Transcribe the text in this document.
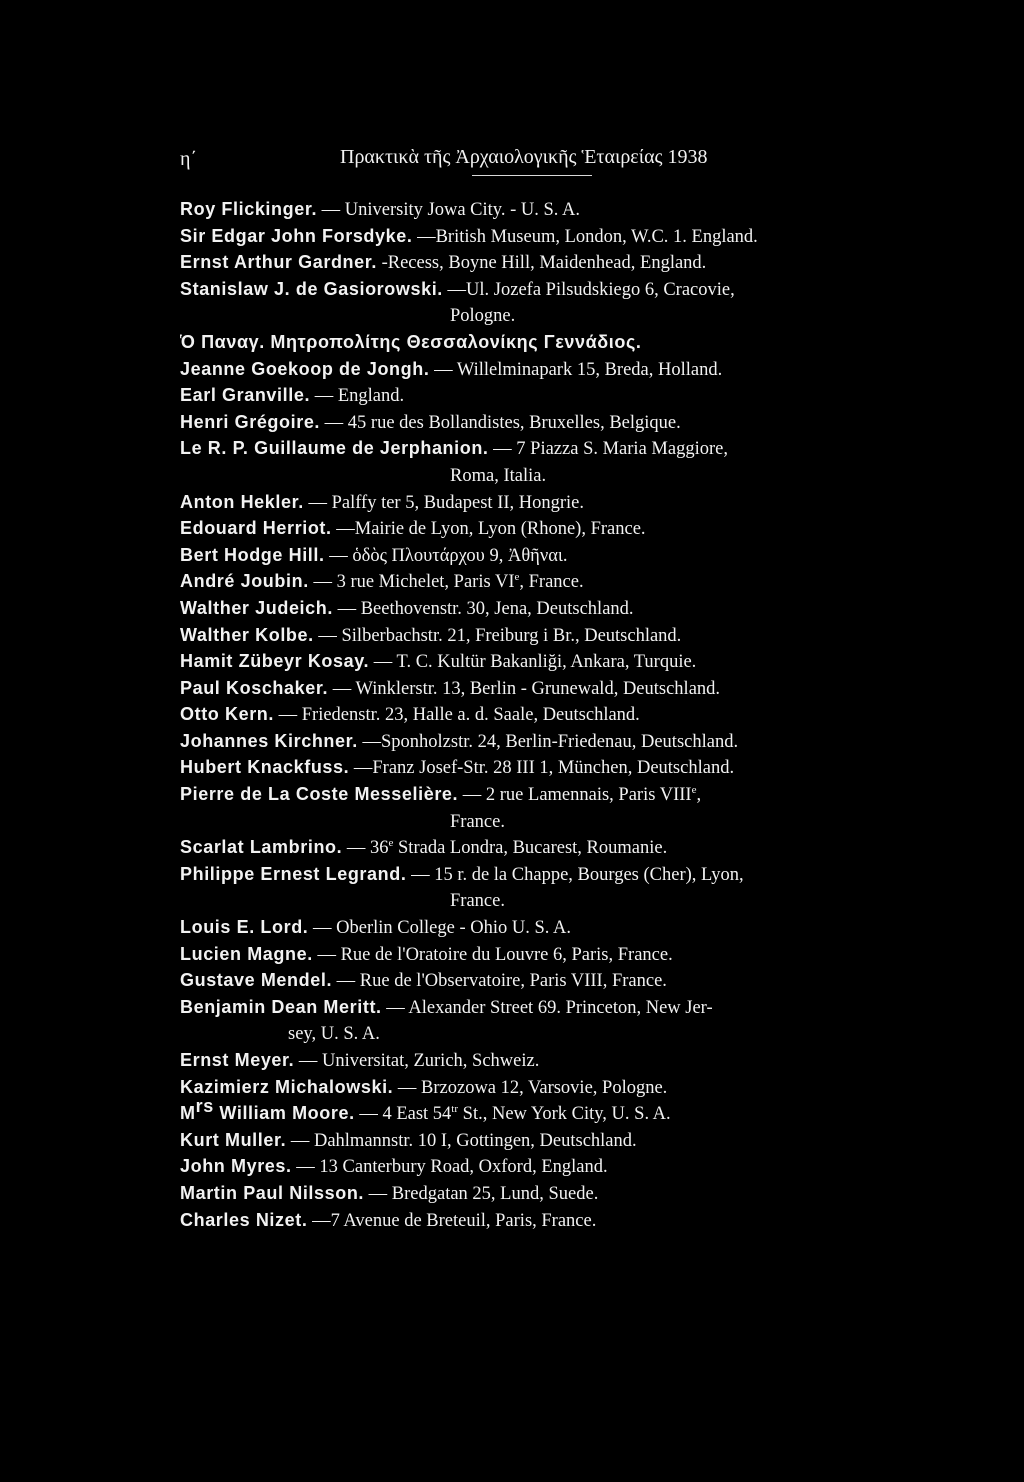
η΄	Πρακτικὰ τῆς Ἀρχαιολογικῆς Ἑταιρείας 1938
Roy Flickinger. — University Jowa City. - U. S. A.
Sir Edgar John Forsdyke. —British Museum, London, W.C. 1. England.
Ernst Arthur Gardner. -Recess, Boyne Hill, Maidenhead, England.
Stanislaw J. de Gasiorowski. —Ul. Jozefa Pilsudskiego 6, Cracovie,
Pologne.
Ὁ Παναγ. Μητροπολίτης Θεσσαλονίκης Γεννάδιος.
Jeanne Goekoop de Jongh. — Willelminapark 15, Breda, Holland.
Earl Granville. — England.
Henri Grégoire. — 45 rue des Bollandistes, Bruxelles, Belgique.
Le R. P. Guillaume de Jerphanion. — 7 Piazza S. Maria Maggiore,
Roma, Italia.
Anton Hekler. — Palffy ter 5, Budapest II, Hongrie.
Edouard Herriot. —Mairie de Lyon, Lyon (Rhone), France.
Bert Hodge Hill. — ὁδὸς Πλουτάρχου 9, Ἀθῆναι.
André Joubin. — 3 rue Michelet, Paris VIe, France.
Walther Judeich. — Beethovenstr. 30, Jena, Deutschland.
Walther Kolbe. — Silberbachstr. 21, Freiburg i Br., Deutschland.
Hamit Zübeyr Kosay. — T. C. Kultür Bakanliği, Ankara, Turquie.
Paul Koschaker. — Winklerstr. 13, Berlin - Grunewald, Deutschland.
Otto Kern. — Friedenstr. 23, Halle a. d. Saale, Deutschland.
Johannes Kirchner. —Sponholzstr. 24, Berlin-Friedenau, Deutschland.
Hubert Knackfuss. —Franz Josef-Str. 28 III 1, München, Deutschland.
Pierre de La Coste Messelière. — 2 rue Lamennais, Paris VIIIe,
France.
Scarlat Lambrino. — 36e Strada Londra, Bucarest, Roumanie.
Philippe Ernest Legrand. — 15 r. de la Chappe, Bourges (Cher), Lyon,
France.
Louis E. Lord. — Oberlin College - Ohio U. S. A.
Lucien Magne. — Rue de l'Oratoire du Louvre 6, Paris, France.
Gustave Mendel. — Rue de l'Observatoire, Paris VIII, France.
Benjamin Dean Meritt. — Alexander Street 69. Princeton, New Jer-
sey, U. S. A.
Ernst Meyer. — Universitat, Zurich, Schweiz.
Kazimierz Michalowski. — Brzozowa 12, Varsovie, Pologne.
$M^{rs}$ William Moore. — 4 East $54^{tr}$ St., New York City, U. S. A.
Kurt Muller. — Dahlmannstr. 10 I, Gottingen, Deutschland.
John Myres. — 13 Canterbury Road, Oxford, England.
Martin Paul Nilsson. — Bredgatan 25, Lund, Suede.
Charles Nizet. —7 Avenue de Breteuil, Paris, France.
